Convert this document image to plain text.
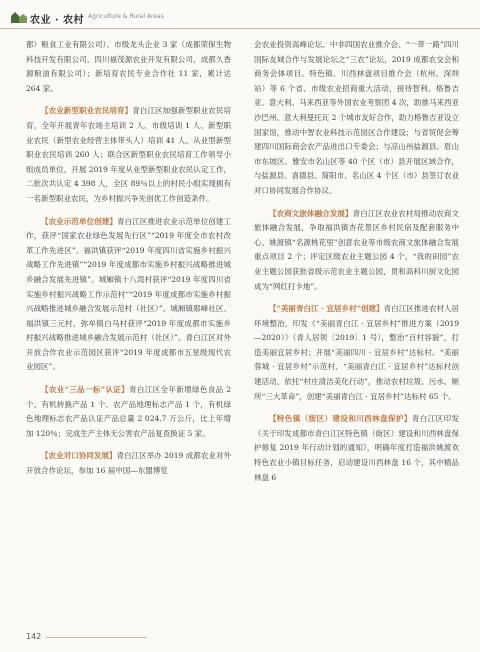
农业 · 农村 Agriculture & Rural Areas

都）粮食工业有限公司）、市级龙头企业 3 家（成都荣保生物科技开发有限公司、四川福茂源农业开发有限公司、成都久香源粮油有限公司）；新培育农民专业合作社 11 家，累计达 264 家。

【农业新型职业农民培育】青白江区加强新型职业农民培育，全年开展青年农场主培训 2 人、市级培训 1 人、新型职业农民（新型农业经营主体带头人）培训 41 人、从业型新型职业农民培训 260 人；联合区新型职业农民培育工作领导小组成员单位，开展 2019 年度从业型新型职业农民认定工作，二批次共认定 4 398 人，全区 89％以上的村民小组实现拥有一名新型职业农民，为乡村振兴争先创优工作创造条件。

【农业示范单位创建】青白江区推进农业示范单位创建工作，获评“国家农业绿色发展先行区”“2019 年度全市农村改革工作先进区”。福洪镇获评“2019 年度四川省实施乡村振兴战略工作先进镇”“2019 年度成都市实施乡村振兴战略推进城乡融合发展先进镇”。城厢镇十八湾村获评“2019 年度四川省实施乡村振兴战略工作示范村”“2019 年度成都市实施乡村振兴战略推进城乡融合发展示范村（社区）”。城厢镇郧峰社区、福洪镇三元村、弥牟镇白马村获评“2019 年度成都市实施乡村振兴战略推进城乡融合发展示范村（社区）”。青白江区对外开放合作农业示范园区获评“2019 年度成都市五星级现代农业园区”。

【农业“三品一标”认证】青白江区全年新增绿色食品 2 个、有机转换产品 1 个、农产品地理标志产品 1 个，有机绿色地理标志农产品认证产品总量 2 024.7 万公斤，比上年增加 120％；完成生产主体无公害农产品复查换证 5 家。

【农业对口协同发展】青白江区举办 2019 成都农业对外开放合作论坛，参加 16 届中国—东盟博览

会农业投资高峰论坛、中非四国农业推介会、“一带一路”四川国际友城合作与发展论坛之“三农”论坛，2019 成都农交会和商务会体项目。特色镇、川西林盘项目推介会（杭州、深圳站）等 6 个省、市级农业招商重大活动，接待智利、格鲁吉亚、意大利、马来西亚等外国农业考察团 4 次，助推马来西亚沙巴州、意大利曼托瓦 2 个城市友好合作，助力格鲁吉亚设立国家馆，推动中智农业科技示范园区合作建设；与省贸促会筹建四川国际商会农产品进出口专委会；与凉山州盐源县、眉山市东坡区、雅安市名山区等 40 个区（市）县开展区域合作，与盐源县、喜德县、简阳市、名山区 4 个区（市）县签订农业对口协同发展合作协议。

【农商文旅体融合发展】青白江区农业农村局推动农商文旅体融合发展，争取福洪镇杏花景区乡村民宿及配套服务中心、姚渡镇“名源桃花里”创意农业等市级农商文旅体融合发展重点项目 2 个；评定区级农业主题公园 4 个，“我的田园”农业主题公园获批省级示范农业主题公园，贯和高科川厨文化园成为“网红打卡地”。

【“美丽青白江 · 宜居乡村”创建】青白江区推进农村人居环境整治，印发《“美丽青白江 · 宜居乡村”推进方案（2019—2020）》（青人居领〔2019〕1 号），整治“百村容貌”，打造美丽宜居乡村；开展“美丽四川 · 宜居乡村”达标村、“美丽蓉城 · 宜居乡村”示范村、“美丽青白江 · 宜居乡村”达标村创建活动，依托“村庄清洁美化行动”，推动农村垃圾、污水、厕所“三大革命”，创建“美丽青白江 · 宜居乡村”达标村 65 个。

【特色镇（街区）建设和川西林盘保护】青白江区印发《关于印发成都市青白江区特色镇（街区）建设和川西林盘保护修复 2019 年行动计划的通知》，明确年度打造福洪姚渡欢特色农业小镇目标任务，启动建设川西林盘 16 个，其中精品林盘 6

142
